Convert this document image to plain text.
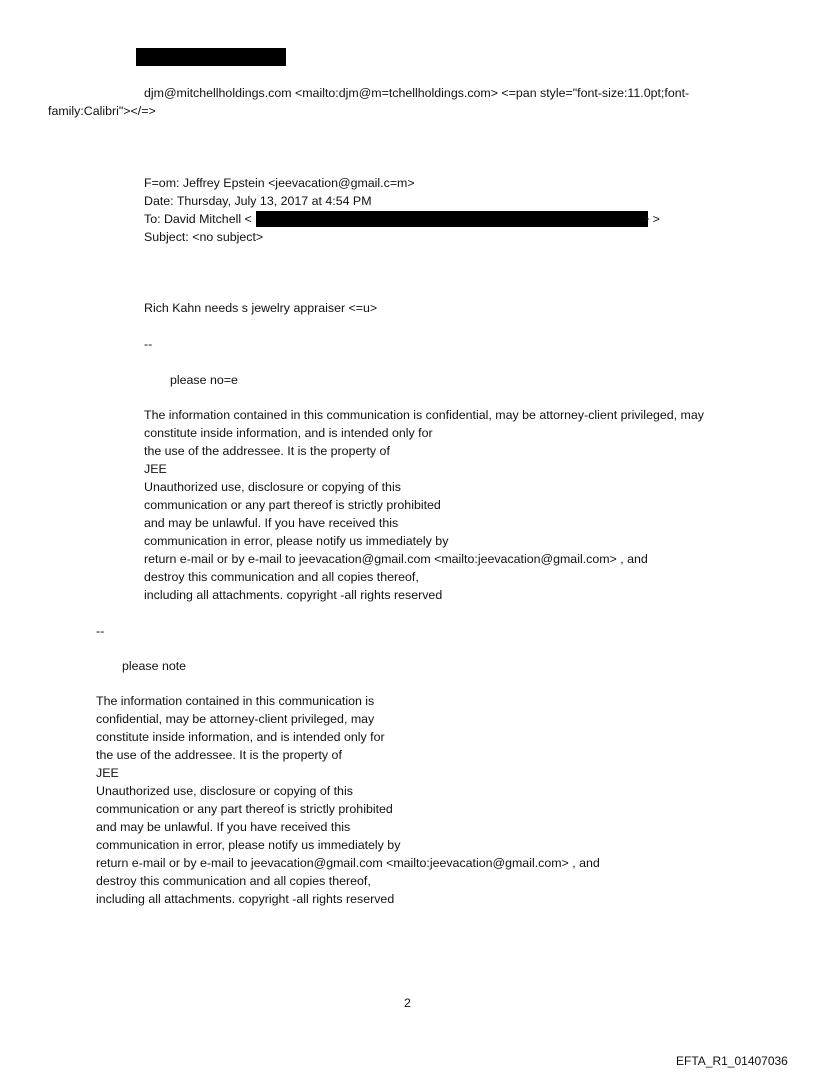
djm@mitchellholdings.com <mailto:djm@m=tchellholdings.com> <=pan style="font-size:11.0pt;font-

family:Calibri"></=>

F=om: Jeffrey Epstein <jeevacation@gmail.c=m>

Date: Thursday, July 13, 2017 at 4:54 PM

To: David Mitchell <	> >

Subject: <no subject>

Rich Kahn needs s jewelry appraiser <=u>

--

please no=e

The information contained in this communication is confidential, may be attorney-client privileged, may

constitute inside information, and is intended only for

the use of the addressee. It is the property of

JEE

Unauthorized use, disclosure or copying of this

communication or any part thereof is strictly prohibited

and may be unlawful. If you have received this

communication in error, please notify us immediately by

return e-mail or by e-mail to jeevacation@gmail.com <mailto:jeevacation@gmail.com> , and

destroy this communication and all copies thereof,

including all attachments. copyright -all rights reserved

--

please note

The information contained in this communication is

confidential, may be attorney-client privileged, may

constitute inside information, and is intended only for

the use of the addressee. It is the property of

JEE

Unauthorized use, disclosure or copying of this

communication or any part thereof is strictly prohibited

and may be unlawful. If you have received this

communication in error, please notify us immediately by

return e-mail or by e-mail to jeevacation@gmail.com <mailto:jeevacation@gmail.com> , and

destroy this communication and all copies thereof,

including all attachments. copyright -all rights reserved

2

EFTA_R1_01407036
